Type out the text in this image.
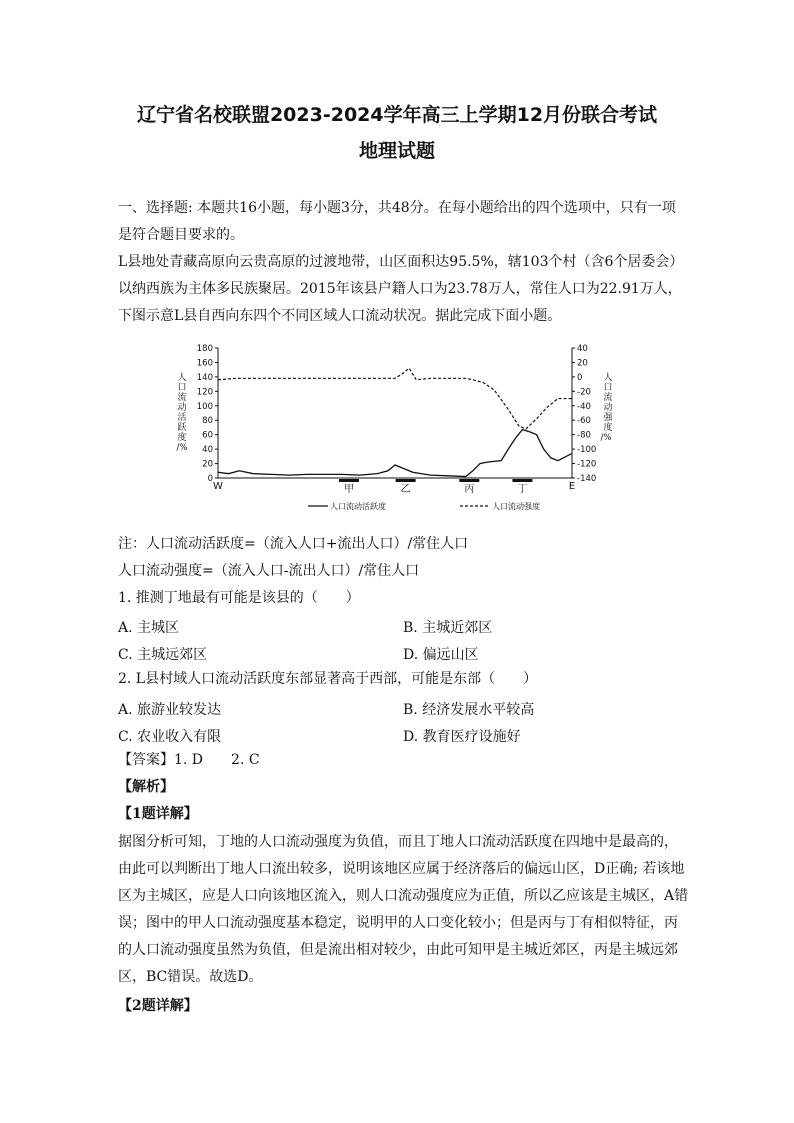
辽宁省名校联盟2023-2024学年高三上学期12月份联合考试
地理试题

一、选择题: 本题共16小题，每小题3分，共48分。在每小题给出的四个选项中，只有一项是符合题目要求的。

L县地处青藏高原向云贵高原的过渡地带，山区面积达95.5%，辖103个村（含6个居委会）以纳西族为主体多民族聚居。2015年该县户籍人口为23.78万人，常住人口为22.91万人，下图示意L县自西向东四个不同区域人口流动状况。据此完成下面小题。

180
160
140
120
100
80
60
40
20
0
40
20
0
-20
-40
-60
-80
-100
-120
-140
人
口
流
动
活
跃
度
/%
人
口
流
动
强
度
/%
W	E
甲	乙	丙	丁
人口流动活跃度	人口流动强度

注：人口流动活跃度=（流入人口+流出人口）/常住人口

人口流动强度=（流入人口-流出人口）/常住人口

1. 推测丁地最有可能是该县的（　　）

A. 主城区	B. 主城近郊区
C. 主城远郊区	D. 偏远山区

2. L县村域人口流动活跃度东部显著高于西部，可能是东部（　　）

A. 旅游业较发达	B. 经济发展水平较高
C. 农业收入有限	D. 教育医疗设施好

【答案】1. D　　2. C

【解析】

【1题详解】

据图分析可知，丁地的人口流动强度为负值，而且丁地人口流动活跃度在四地中是最高的，由此可以判断出丁地人口流出较多，说明该地区应属于经济落后的偏远山区，D正确; 若该地区为主城区，应是人口向该地区流入，则人口流动强度应为正值，所以乙应该是主城区，A错误；图中的甲人口流动强度基本稳定，说明甲的人口变化较小；但是丙与丁有相似特征，丙的人口流动强度虽然为负值，但是流出相对较少，由此可知甲是主城近郊区，丙是主城远郊区，BC错误。故选D。

【2题详解】
